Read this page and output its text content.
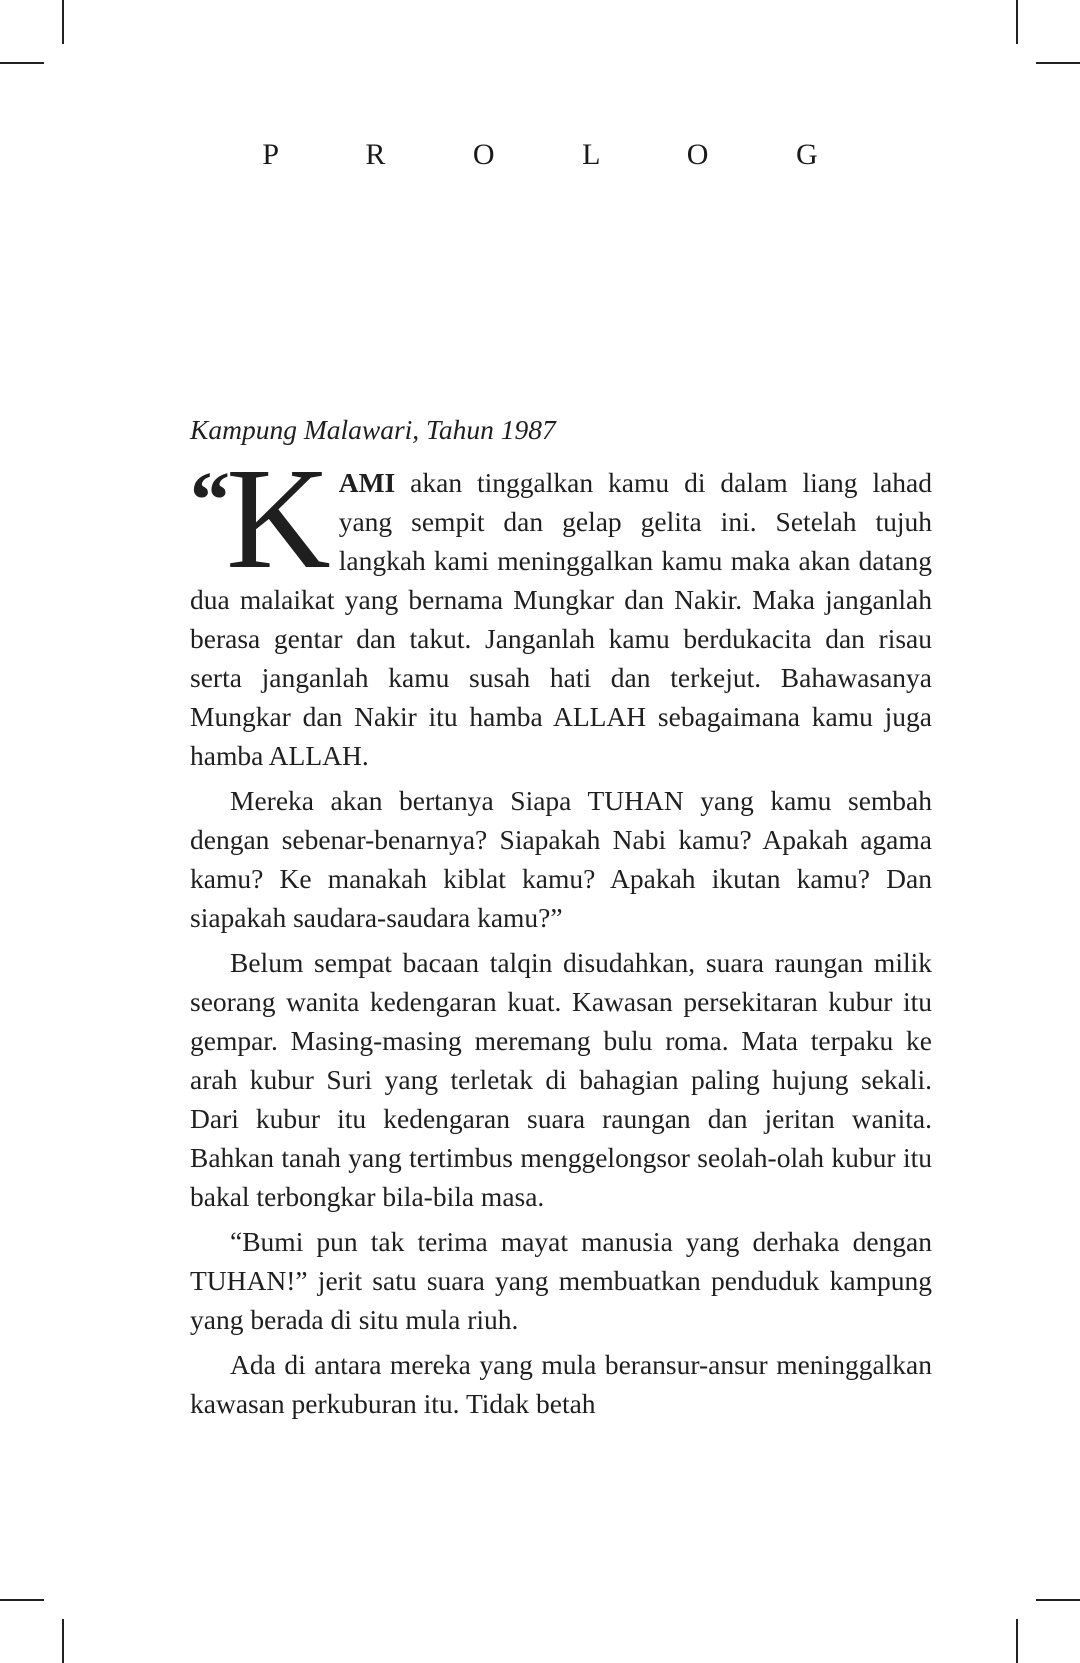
P R O L O G
Kampung Malawari, Tahun 1987

“ K AMI akan tinggalkan kamu di dalam liang lahad yang sempit dan gelap gelita ini. Setelah tujuh langkah kami meninggalkan kamu maka akan datang dua malaikat yang bernama Mungkar dan Nakir. Maka janganlah berasa gentar dan takut. Janganlah kamu berdukacita dan risau serta janganlah kamu susah hati dan terkejut. Bahawasanya Mungkar dan Nakir itu hamba ALLAH sebagaimana kamu juga hamba ALLAH.

Mereka akan bertanya Siapa TUHAN yang kamu sembah dengan sebenar-benarnya? Siapakah Nabi kamu? Apakah agama kamu? Ke manakah kiblat kamu? Apakah ikutan kamu? Dan siapakah saudara-saudara kamu?”

Belum sempat bacaan talqin disudahkan, suara raungan milik seorang wanita kedengaran kuat. Kawasan persekitaran kubur itu gempar. Masing-masing meremang bulu roma. Mata terpaku ke arah kubur Suri yang terletak di bahagian paling hujung sekali. Dari kubur itu kedengaran suara raungan dan jeritan wanita. Bahkan tanah yang tertimbus menggelongsor seolah-olah kubur itu bakal terbongkar bila-bila masa.

“Bumi pun tak terima mayat manusia yang derhaka dengan TUHAN!” jerit satu suara yang membuatkan penduduk kampung yang berada di situ mula riuh.

Ada di antara mereka yang mula beransur-ansur meninggalkan kawasan perkuburan itu. Tidak betah
